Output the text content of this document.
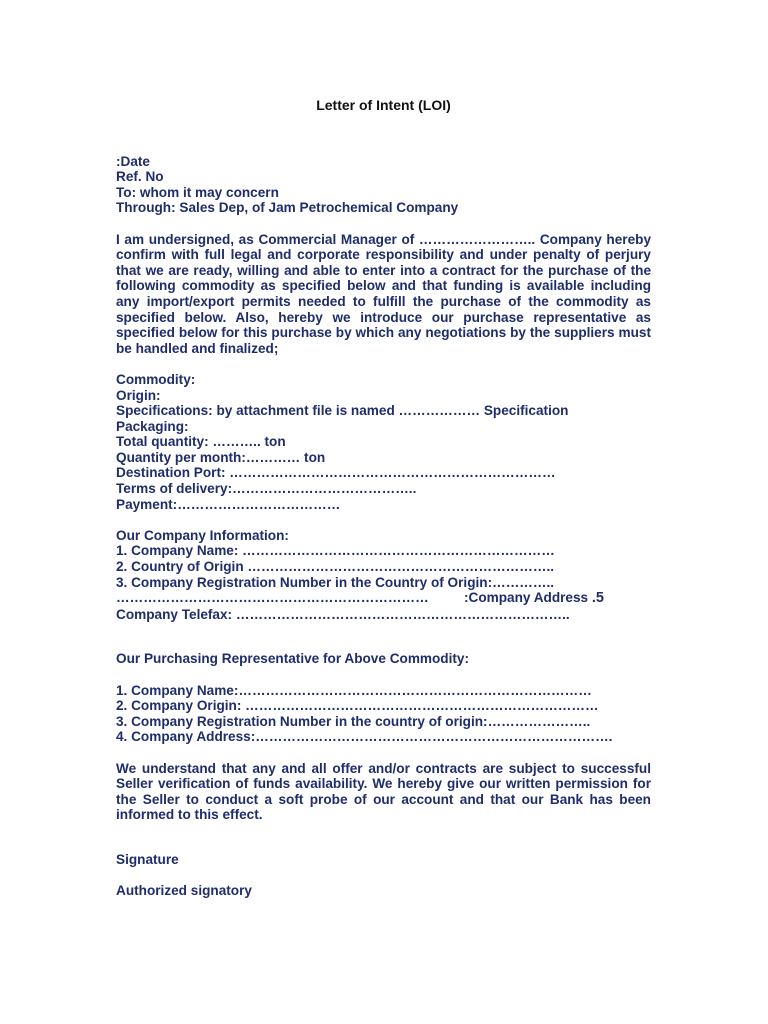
Letter of Intent (LOI)
:Date
Ref. No
To: whom it may concern
Through: Sales Dep, of Jam Petrochemical Company
I am undersigned, as Commercial Manager of …………………….. Company hereby confirm with full legal and corporate responsibility and under penalty of perjury that we are ready, willing and able to enter into a contract for the purchase of the following commodity as specified below and that funding is available including any import/export permits needed to fulfill the purchase of the commodity as specified below. Also, hereby we introduce our purchase representative as specified below for this purchase by which any negotiations by the suppliers must be handled and finalized;
Commodity:
Origin:
Specifications: by attachment file is named ……………… Specification
Packaging:
Total quantity: ……….. ton
Quantity per month:………… ton
Destination Port: ………………………………………………………………
Terms of delivery:…………………………………..
Payment:………………………………
Our Company Information:
1. Company Name: ……………………………………………………………
2. Country of Origin …………………………………………………………..
3. Company Registration Number in the Country of Origin:…………..
……………………………………………………………	:Company Address .5
Company Telefax: ………………………………………………………………..
Our Purchasing Representative for Above Commodity:
1. Company Name:……………………………………………………………………
2. Company Origin: ……………………………………………………………………
3. Company Registration Number in the country of origin:…………………..
4. Company Address:…………………………………………………………………….
We understand that any and all offer and/or contracts are subject to successful Seller verification of funds availability. We hereby give our written permission for the Seller to conduct a soft probe of our account and that our Bank has been informed to this effect.
Signature
Authorized signatory
